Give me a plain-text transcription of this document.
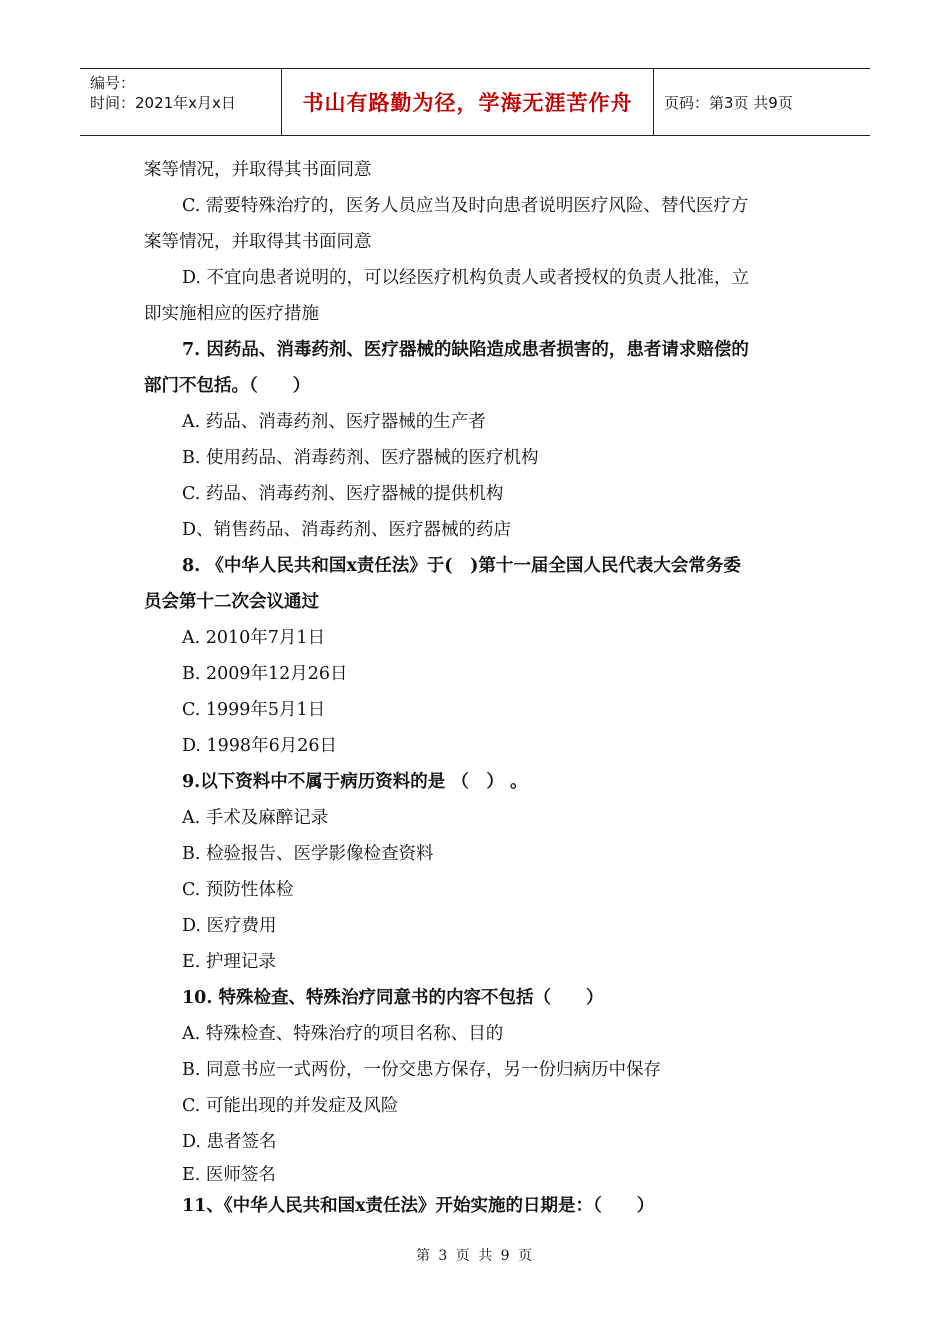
编号：
时间：2021年x月x日	书山有路勤为径，学海无涯苦作舟	页码：第3页 共9页
案等情况，并取得其书面同意
C. 需要特殊治疗的，医务人员应当及时向患者说明医疗风险、替代医疗方
案等情况，并取得其书面同意
D. 不宜向患者说明的，可以经医疗机构负责人或者授权的负责人批准，立
即实施相应的医疗措施
7. 因药品、消毒药剂、医疗器械的缺陷造成患者损害的，患者请求赔偿的
部门不包括。（　　）
A. 药品、消毒药剂、医疗器械的生产者
B. 使用药品、消毒药剂、医疗器械的医疗机构
C. 药品、消毒药剂、医疗器械的提供机构
D、销售药品、消毒药剂、医疗器械的药店
8. 《中华人民共和国x责任法》于(　)第十一届全国人民代表大会常务委
员会第十二次会议通过
A. 2010年7月1日
B. 2009年12月26日
C. 1999年5月1日
D. 1998年6月26日
9.以下资料中不属于病历资料的是 （　） 。
A. 手术及麻醉记录
B. 检验报告、医学影像检查资料
C. 预防性体检
D. 医疗费用
E. 护理记录
10. 特殊检查、特殊治疗同意书的内容不包括（　　）
A. 特殊检查、特殊治疗的项目名称、目的
B. 同意书应一式两份，一份交患方保存，另一份归病历中保存
C. 可能出现的并发症及风险
D. 患者签名
E. 医师签名
11、《中华人民共和国x责任法》开始实施的日期是：（　　）
第 3 页 共 9 页
